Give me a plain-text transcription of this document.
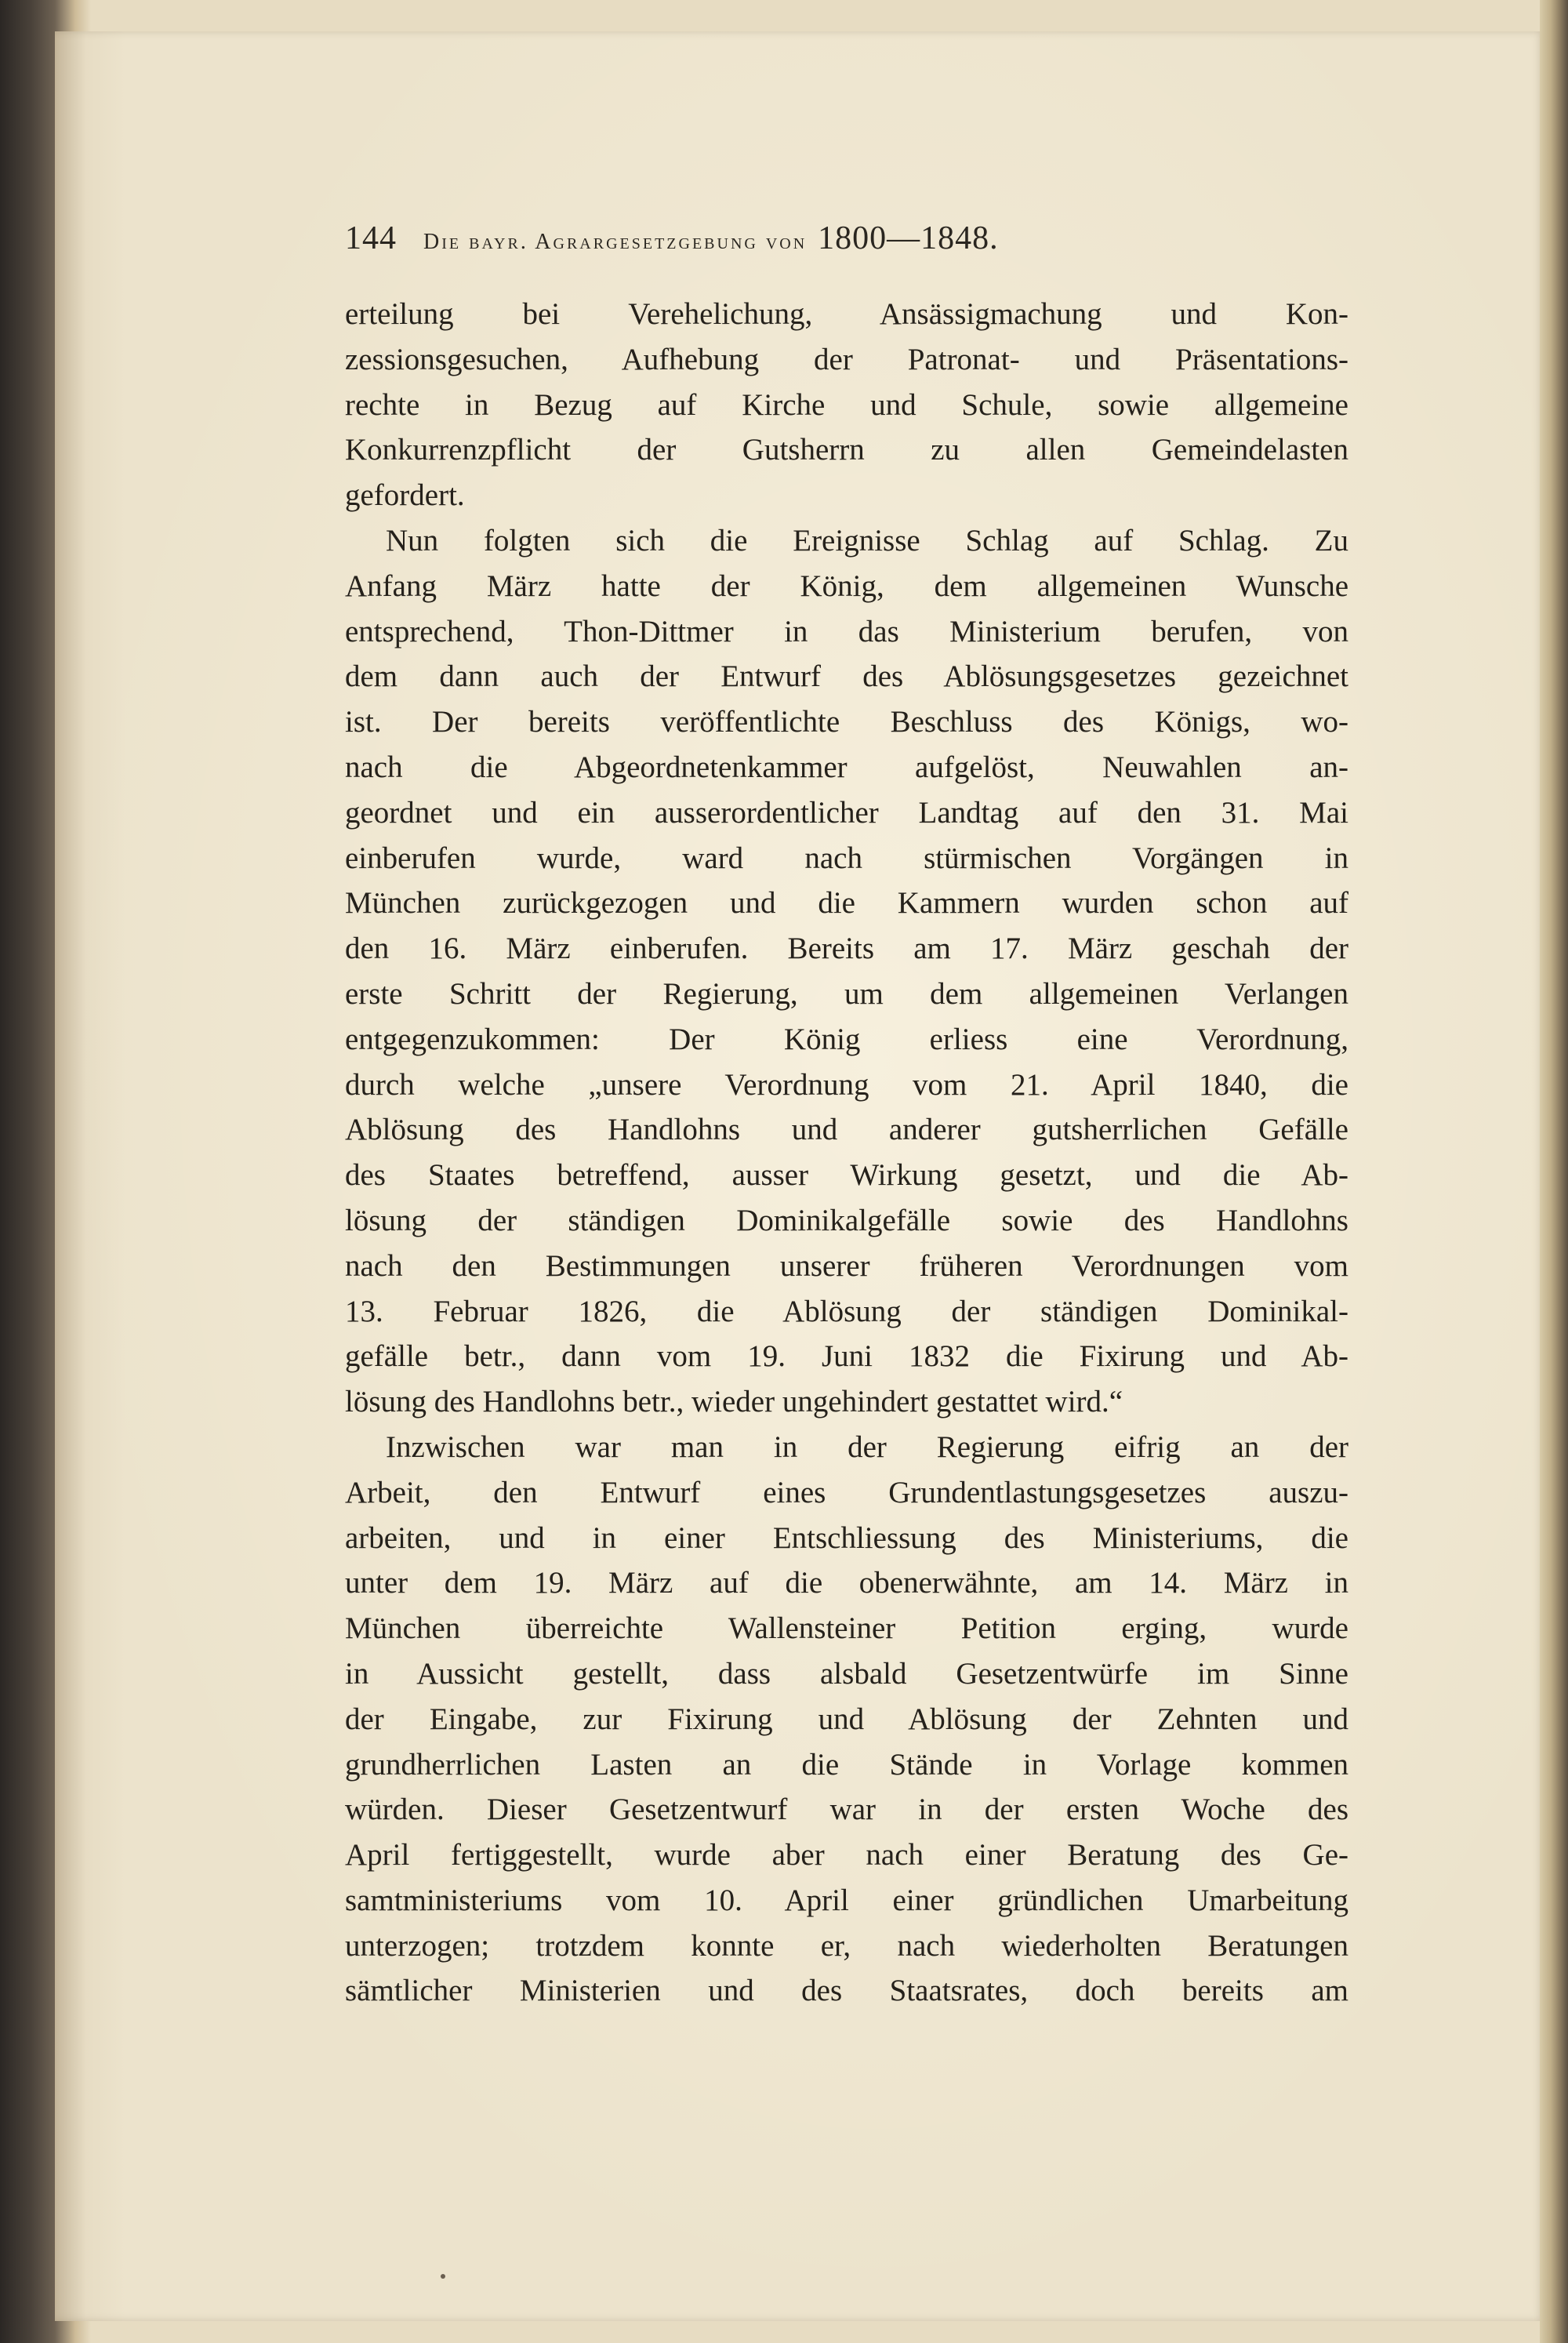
144	Die bayr. Agrargesetzgebung von 1800—1848.
erteilung bei Verehelichung, Ansässigmachung und Kon-
zessionsgesuchen, Aufhebung der Patronat- und Präsentations-
rechte in Bezug auf Kirche und Schule, sowie allgemeine
Konkurrenzpflicht der Gutsherrn zu allen Gemeindelasten
gefordert.
Nun folgten sich die Ereignisse Schlag auf Schlag. Zu
Anfang März hatte der König, dem allgemeinen Wunsche
entsprechend, Thon-Dittmer in das Ministerium berufen, von
dem dann auch der Entwurf des Ablösungsgesetzes gezeichnet
ist. Der bereits veröffentlichte Beschluss des Königs, wo-
nach die Abgeordnetenkammer aufgelöst, Neuwahlen an-
geordnet und ein ausserordentlicher Landtag auf den 31. Mai
einberufen wurde, ward nach stürmischen Vorgängen in
München zurückgezogen und die Kammern wurden schon auf
den 16. März einberufen. Bereits am 17. März geschah der
erste Schritt der Regierung, um dem allgemeinen Verlangen
entgegenzukommen: Der König erliess eine Verordnung,
durch welche „unsere Verordnung vom 21. April 1840, die
Ablösung des Handlohns und anderer gutsherrlichen Gefälle
des Staates betreffend, ausser Wirkung gesetzt, und die Ab-
lösung der ständigen Dominikalgefälle sowie des Handlohns
nach den Bestimmungen unserer früheren Verordnungen vom
13. Februar 1826, die Ablösung der ständigen Dominikal-
gefälle betr., dann vom 19. Juni 1832 die Fixirung und Ab-
lösung des Handlohns betr., wieder ungehindert gestattet wird.“
Inzwischen war man in der Regierung eifrig an der
Arbeit, den Entwurf eines Grundentlastungsgesetzes auszu-
arbeiten, und in einer Entschliessung des Ministeriums, die
unter dem 19. März auf die obenerwähnte, am 14. März in
München überreichte Wallensteiner Petition erging, wurde
in Aussicht gestellt, dass alsbald Gesetzentwürfe im Sinne
der Eingabe, zur Fixirung und Ablösung der Zehnten und
grundherrlichen Lasten an die Stände in Vorlage kommen
würden. Dieser Gesetzentwurf war in der ersten Woche des
April fertiggestellt, wurde aber nach einer Beratung des Ge-
samtministeriums vom 10. April einer gründlichen Umarbeitung
unterzogen; trotzdem konnte er, nach wiederholten Beratungen
sämtlicher Ministerien und des Staatsrates, doch bereits am
